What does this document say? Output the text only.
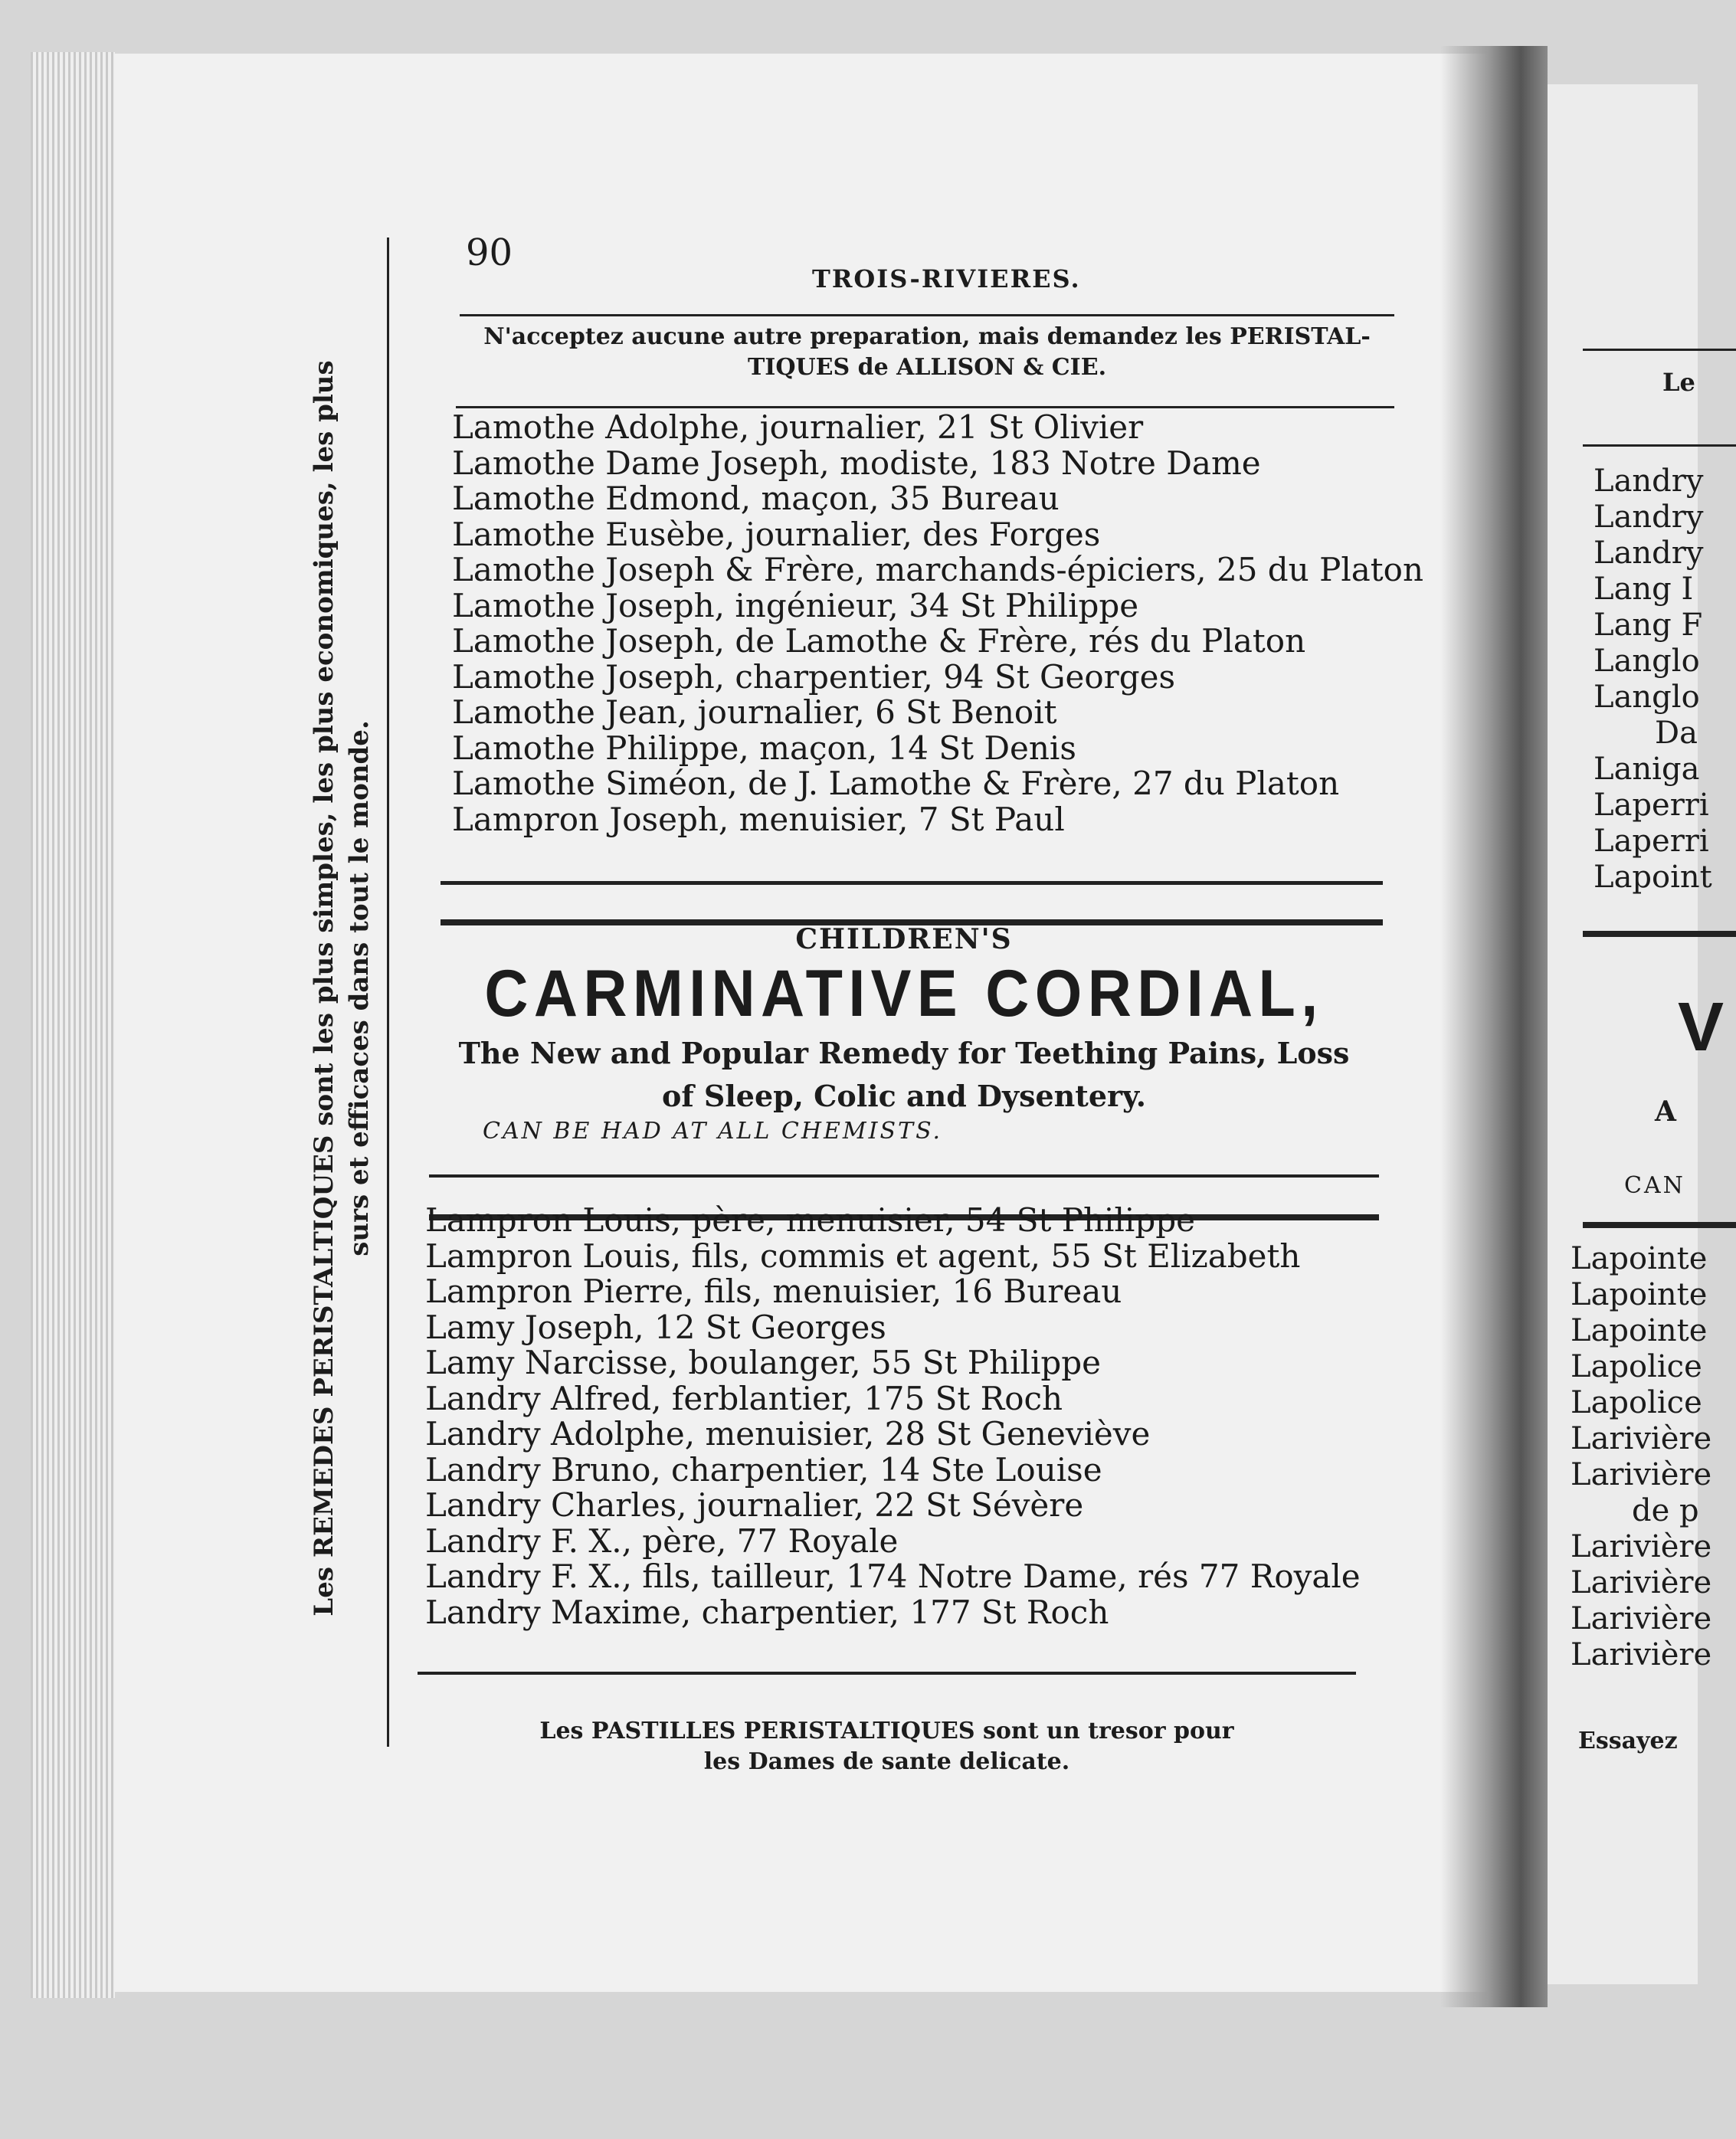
Le
Landry
Landry
Landry
Lang I
Lang F
Langlo
Langlo
Da
Laniga
Laperri
Laperri
Lapoint
V
A
CAN
Lapointe
Lapointe
Lapointe
Lapolice
Lapolice
Larivière
Larivière
de p
Larivière
Larivière
Larivière
Larivière
Essayez
Les REMEDES PERISTALTIQUES sont les plus simples, les plus economiques, les plus surs et efficaces dans tout le monde.
90
TROIS-RIVIERES.
N'acceptez aucune autre preparation, mais demandez les PERISTAL-
TIQUES de ALLISON & CIE.
Lamothe Adolphe, journalier, 21 St Olivier
Lamothe Dame Joseph, modiste, 183 Notre Dame
Lamothe Edmond, maçon, 35 Bureau
Lamothe Eusèbe, journalier, des Forges
Lamothe Joseph & Frère, marchands-épiciers, 25 du Platon
Lamothe Joseph, ingénieur, 34 St Philippe
Lamothe Joseph, de Lamothe & Frère, rés du Platon
Lamothe Joseph, charpentier, 94 St Georges
Lamothe Jean, journalier, 6 St Benoit
Lamothe Philippe, maçon, 14 St Denis
Lamothe Siméon, de J. Lamothe & Frère, 27 du Platon
Lampron Joseph, menuisier, 7 St Paul
CHILDREN'S
CARMINATIVE CORDIAL,
The New and Popular Remedy for Teething Pains, Loss
of Sleep, Colic and Dysentery.
CAN BE HAD AT ALL CHEMISTS.
Lampron Louis, père, menuisier, 54 St Philippe
Lampron Louis, fils, commis et agent, 55 St Elizabeth
Lampron Pierre, fils, menuisier, 16 Bureau
Lamy Joseph, 12 St Georges
Lamy Narcisse, boulanger, 55 St Philippe
Landry Alfred, ferblantier, 175 St Roch
Landry Adolphe, menuisier, 28 St Geneviève
Landry Bruno, charpentier, 14 Ste Louise
Landry Charles, journalier, 22 St Sévère
Landry F. X., père, 77 Royale
Landry F. X., fils, tailleur, 174 Notre Dame, rés 77 Royale
Landry Maxime, charpentier, 177 St Roch
Les PASTILLES PERISTALTIQUES sont un tresor pour
les Dames de sante delicate.
